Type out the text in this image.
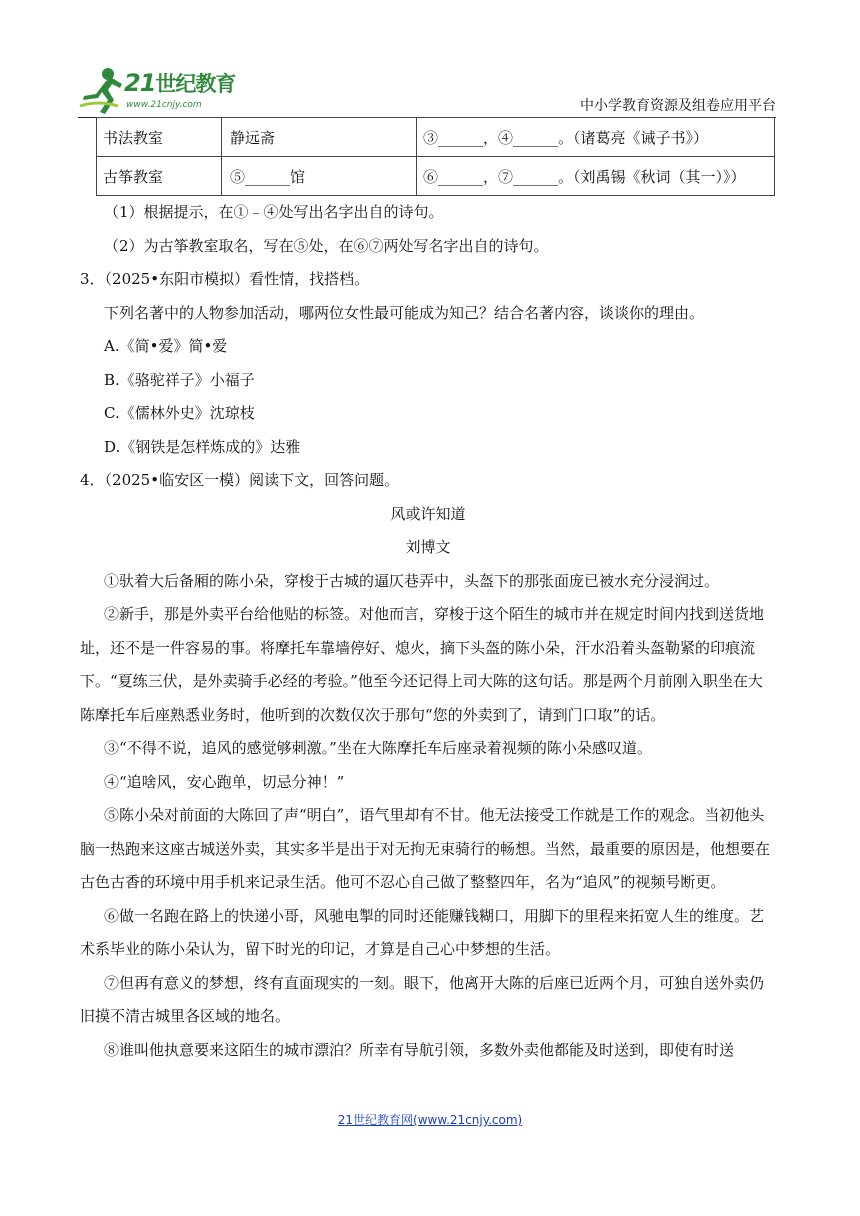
21世纪教育
www.21cnjy.com	中小学教育资源及组卷应用平台
书法教室	静远斋	③______，④______。（诸葛亮《诫子书》）
古筝教室	⑤______馆	⑥______，⑦______。（刘禹锡《秋词（其一）》）

（1）根据提示，在①﹣④处写出名字出自的诗句。

（2）为古筝教室取名，写在⑤处，在⑥⑦两处写名字出自的诗句。

3．（2025•东阳市模拟）看性情，找搭档。

下列名著中的人物参加活动，哪两位女性最可能成为知己？结合名著内容，谈谈你的理由。

A.《简•爱》简•爱

B.《骆驼祥子》小福子

C.《儒林外史》沈琼枝

D.《钢铁是怎样炼成的》达雅

4．（2025•临安区一模）阅读下文，回答问题。

风或许知道

刘博文

①驮着大后备厢的陈小朵，穿梭于古城的逼仄巷弄中，头盔下的那张面庞已被水充分浸润过。

②新手，那是外卖平台给他贴的标签。对他而言，穿梭于这个陌生的城市并在规定时间内找到送货地址，还不是一件容易的事。将摩托车靠墙停好、熄火，摘下头盔的陈小朵，汗水沿着头盔勒紧的印痕流下。“夏练三伏，是外卖骑手必经的考验。”他至今还记得上司大陈的这句话。那是两个月前刚入职坐在大陈摩托车后座熟悉业务时，他听到的次数仅次于那句“您的外卖到了，请到门口取”的话。

③“不得不说，追风的感觉够刺激。”坐在大陈摩托车后座录着视频的陈小朵感叹道。

④“追啥风，安心跑单，切忌分神！”

⑤陈小朵对前面的大陈回了声“明白”，语气里却有不甘。他无法接受工作就是工作的观念。当初他头脑一热跑来这座古城送外卖，其实多半是出于对无拘无束骑行的畅想。当然，最重要的原因是，他想要在古色古香的环境中用手机来记录生活。他可不忍心自己做了整整四年，名为“追风”的视频号断更。

⑥做一名跑在路上的快递小哥，风驰电掣的同时还能赚钱糊口，用脚下的里程来拓宽人生的维度。艺术系毕业的陈小朵认为，留下时光的印记，才算是自己心中梦想的生活。

⑦但再有意义的梦想，终有直面现实的一刻。眼下，他离开大陈的后座已近两个月，可独自送外卖仍旧摸不清古城里各区域的地名。

⑧谁叫他执意要来这陌生的城市漂泊？所幸有导航引领，多数外卖他都能及时送到，即使有时送

21世纪教育网(www.21cnjy.com)
